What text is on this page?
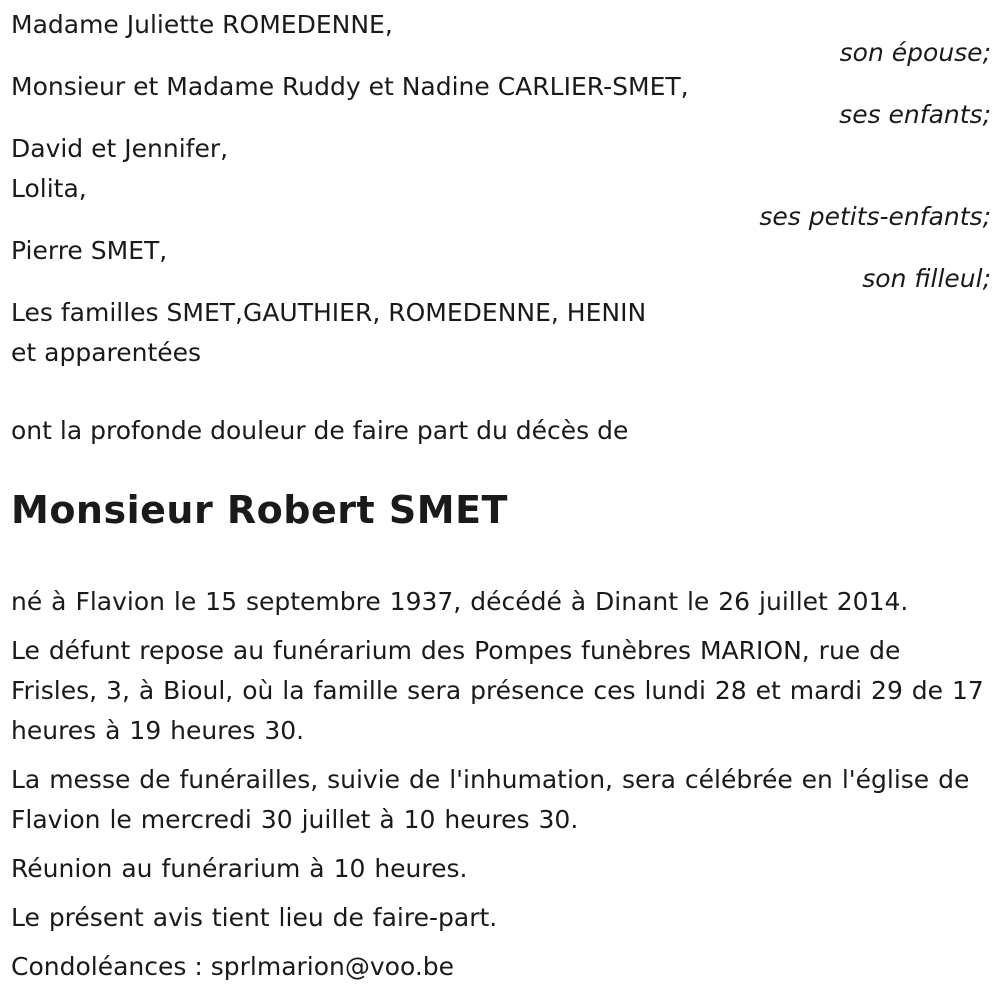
Madame Juliette ROMEDENNE,
son épouse;
Monsieur et Madame Ruddy et Nadine CARLIER-SMET,
ses enfants;
David et Jennifer,
Lolita,
ses petits-enfants;
Pierre SMET,
son filleul;
Les familles SMET,GAUTHIER, ROMEDENNE, HENIN
et apparentées
ont la profonde douleur de faire part du décès de
Monsieur Robert SMET

né à Flavion le 15 septembre 1937, décédé à Dinant le 26 juillet 2014.

Le défunt repose au funérarium des Pompes funèbres MARION, rue de Frisles, 3, à Bioul, où la famille sera présence ces lundi 28 et mardi 29 de 17 heures à 19 heures 30.

La messe de funérailles, suivie de l'inhumation, sera célébrée en l'église de Flavion le mercredi 30 juillet à 10 heures 30.

Réunion au funérarium à 10 heures.

Le présent avis tient lieu de faire-part.

Condoléances : sprlmarion@voo.be
